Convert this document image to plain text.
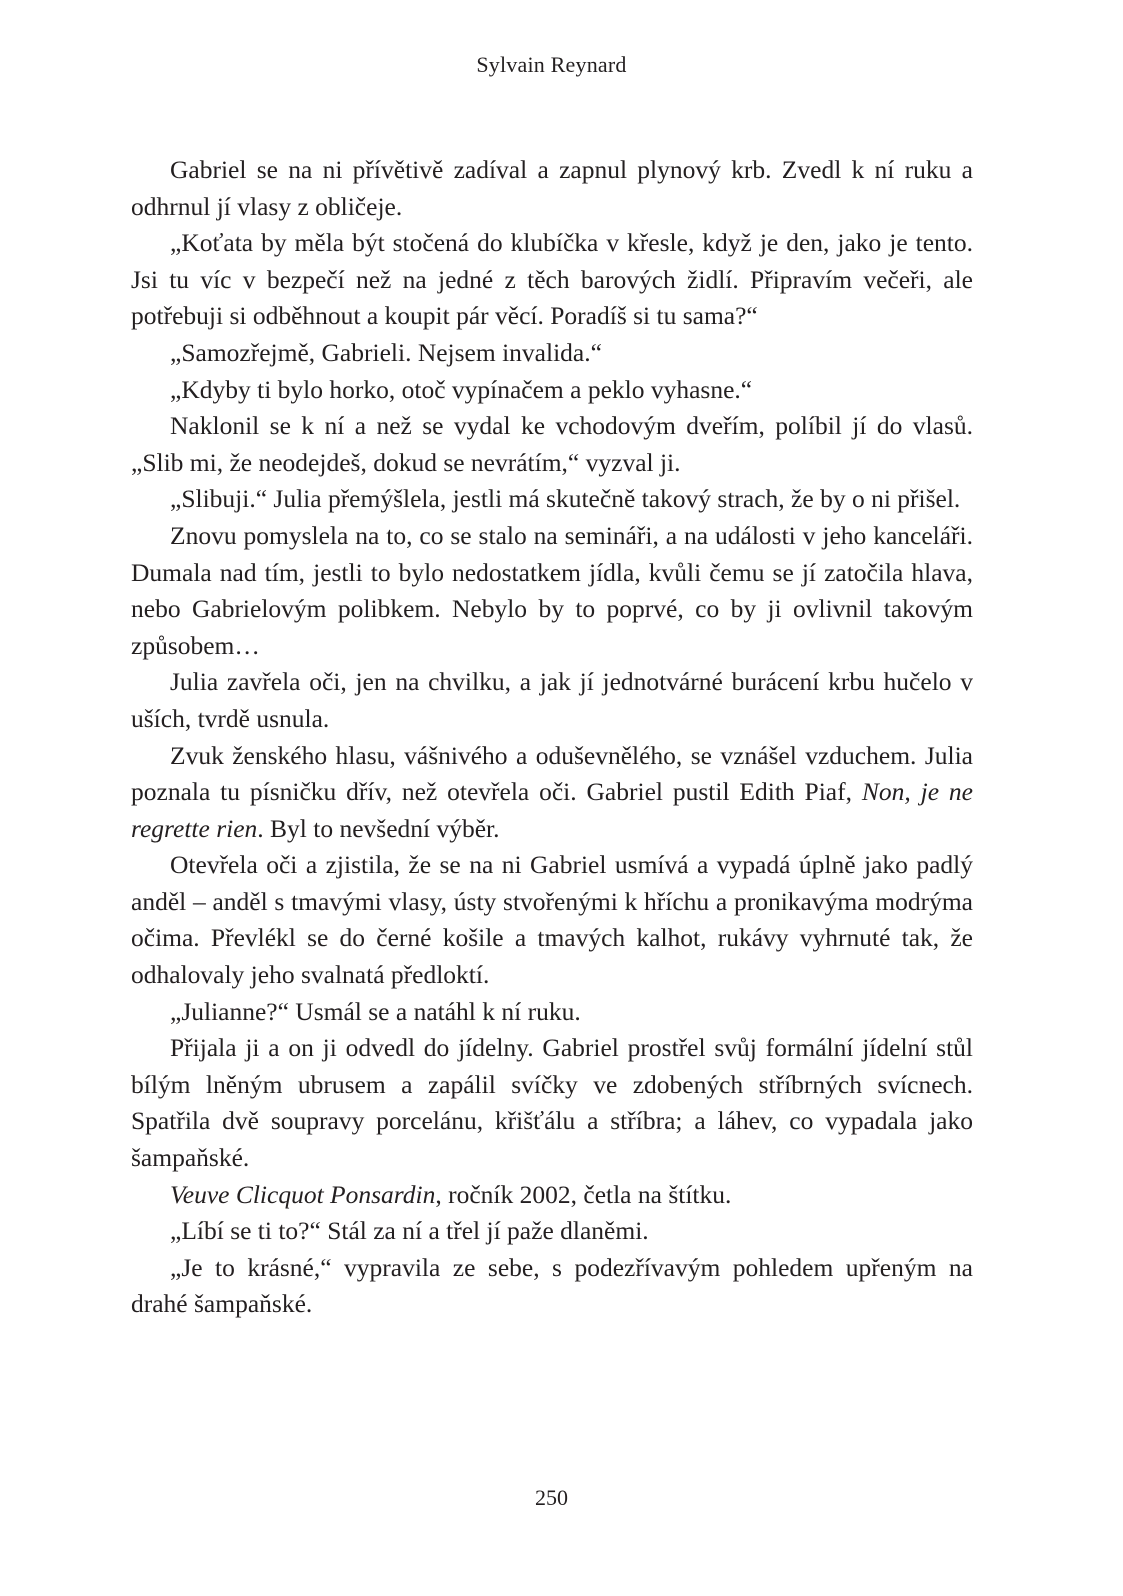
Sylvain Reynard

Gabriel se na ni přívětivě zadíval a zapnul plynový krb. Zvedl k ní ruku a odhrnul jí vlasy z obličeje.

„Koťata by měla být stočená do klubíčka v křesle, když je den, jako je tento. Jsi tu víc v bezpečí než na jedné z těch barových židlí. Připravím večeři, ale potřebuji si odběhnout a koupit pár věcí. Poradíš si tu sama?“

„Samozřejmě, Gabrieli. Nejsem invalida.“

„Kdyby ti bylo horko, otoč vypínačem a peklo vyhasne.“

Naklonil se k ní a než se vydal ke vchodovým dveřím, políbil jí do vlasů. „Slib mi, že neodejdeš, dokud se nevrátím,“ vyzval ji.

„Slibuji.“ Julia přemýšlela, jestli má skutečně takový strach, že by o ni přišel.

Znovu pomyslela na to, co se stalo na semináři, a na události v jeho kanceláři. Dumala nad tím, jestli to bylo nedostatkem jídla, kvůli čemu se jí zatočila hlava, nebo Gabrielovým polibkem. Nebylo by to poprvé, co by ji ovlivnil takovým způsobem…

Julia zavřela oči, jen na chvilku, a jak jí jednotvárné burácení krbu hučelo v uších, tvrdě usnula.

Zvuk ženského hlasu, vášnivého a oduševnělého, se vznášel vzduchem. Julia poznala tu písničku dřív, než otevřela oči. Gabriel pustil Edith Piaf, Non, je ne regrette rien. Byl to nevšední výběr.

Otevřela oči a zjistila, že se na ni Gabriel usmívá a vypadá úplně jako padlý anděl – anděl s tmavými vlasy, ústy stvořenými k hříchu a pronikavýma modrýma očima. Převlékl se do černé košile a tmavých kalhot, rukávy vyhrnuté tak, že odhalovaly jeho svalnatá předloktí.

„Julianne?“ Usmál se a natáhl k ní ruku.

Přijala ji a on ji odvedl do jídelny. Gabriel prostřel svůj formální jídelní stůl bílým lněným ubrusem a zapálil svíčky ve zdobených stříbrných svícnech. Spatřila dvě soupravy porcelánu, křišťálu a stříbra; a láhev, co vypadala jako šampaňské.

Veuve Clicquot Ponsardin, ročník 2002, četla na štítku.

„Líbí se ti to?“ Stál za ní a třel jí paže dlaněmi.

„Je to krásné,“ vypravila ze sebe, s podezřívavým pohledem upřeným na drahé šampaňské.

250
